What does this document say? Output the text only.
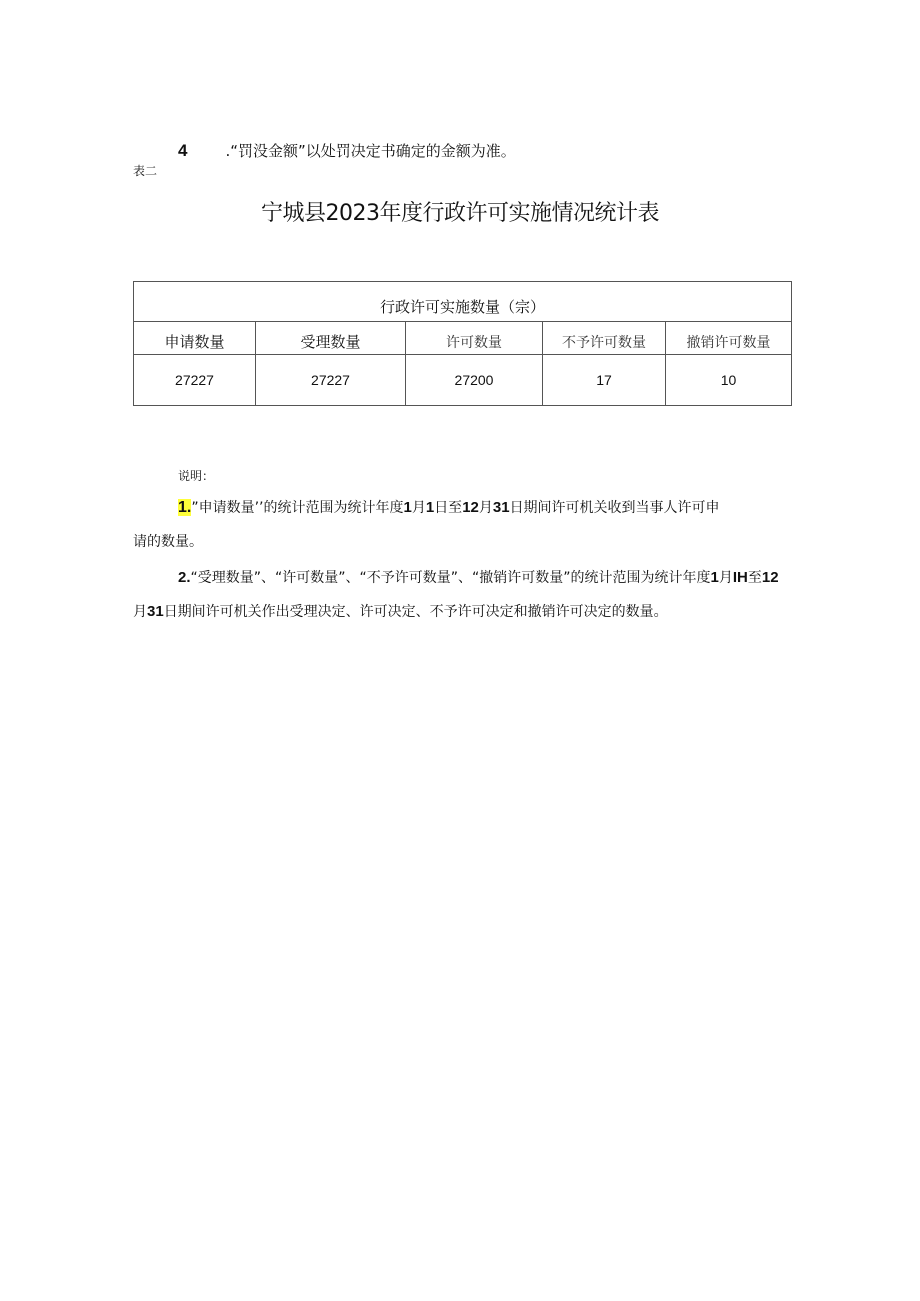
4	.“罚没金额”以处罚决定书确定的金额为准。
表二
宁城县2023年度行政许可实施情况统计表
行政许可实施数量（宗）				
申请数量	受理数量	许可数量	不予许可数量	撤销许可数量
27227	27227	27200	17	10
说明：
1.”申请数量’’的统计范围为统计年度1月1日至12月31日期间许可机关收到当事人许可申
请的数量。
2.“受理数量”、“许可数量”、“不予许可数量”、“撤销许可数量”的统计范围为统计年度1月IH至12月31日期间许可机关作出受理决定、许可决定、不予许可决定和撤销许可决定的数量。
